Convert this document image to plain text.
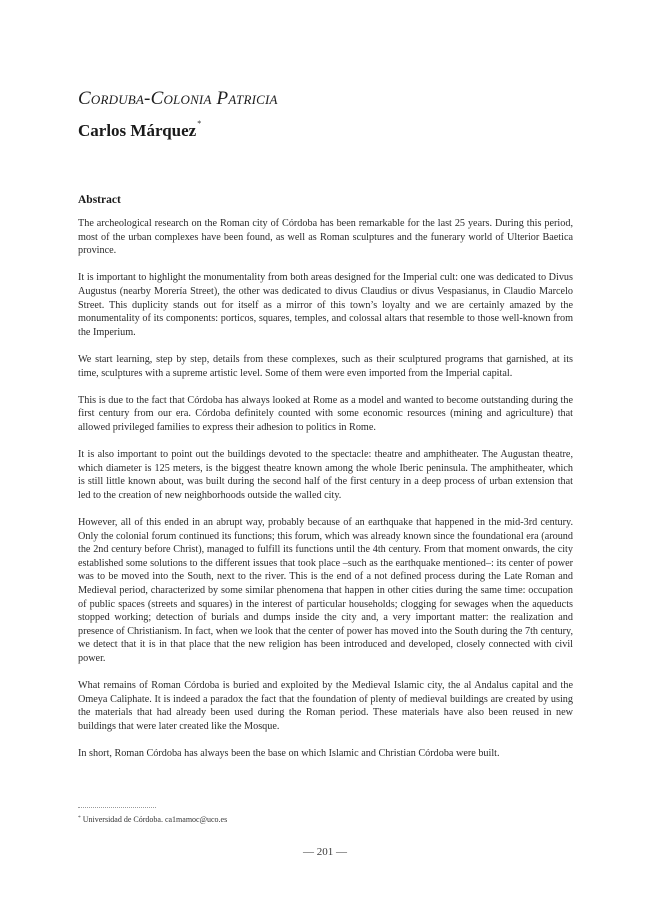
Corduba-Colonia Patricia
Carlos Márquez*
Abstract

The archeological research on the Roman city of Córdoba has been remarkable for the last 25 years. During this period, most of the urban complexes have been found, as well as Roman sculptures and the funerary world of Ulterior Baetica province.

It is important to highlight the monumentality from both areas designed for the Imperial cult: one was dedicated to Divus Augustus (nearby Morería Street), the other was dedicated to divus Claudius or divus Vespasianus, in Claudio Marcelo Street. This duplicity stands out for itself as a mirror of this town’s loyalty and we are certainly amazed by the monumentality of its components: porticos, squares, temples, and colossal altars that resemble to those well-known from the Imperium.

We start learning, step by step, details from these complexes, such as their sculptured programs that garnished, at its time, sculptures with a supreme artistic level. Some of them were even imported from the Imperial capital.

This is due to the fact that Córdoba has always looked at Rome as a model and wanted to become outstanding during the first century from our era. Córdoba definitely counted with some economic resources (mining and agriculture) that allowed privileged families to express their adhesion to politics in Rome.

It is also important to point out the buildings devoted to the spectacle: theatre and amphitheater. The Augustan theatre, which diameter is 125 meters, is the biggest theatre known among the whole Iberic peninsula. The amphitheater, which is still little known about, was built during the second half of the first century in a deep process of urban extension that led to the creation of new neighborhoods outside the walled city.

However, all of this ended in an abrupt way, probably because of an earthquake that happened in the mid-3rd century. Only the colonial forum continued its functions; this forum, which was already known since the foundational era (around the 2nd century before Christ), managed to fulfill its functions until the 4th century. From that moment onwards, the city established some solutions to the different issues that took place –such as the earthquake mentioned–: its center of power was to be moved into the South, next to the river. This is the end of a not defined process during the Late Roman and Medieval period, characterized by some similar phenomena that happen in other cities during the same time: occupation of public spaces (streets and squares) in the interest of particular households; clogging for sewages when the aqueducts stopped working; detection of burials and dumps inside the city and, a very important matter: the realization and presence of Christianism. In fact, when we look that the center of power has moved into the South during the 7th century, we detect that it is in that place that the new religion has been introduced and developed, closely connected with civil power.

What remains of Roman Córdoba is buried and exploited by the Medieval Islamic city, the al Andalus capital and the Omeya Caliphate. It is indeed a paradox the fact that the foundation of plenty of medieval buildings are created by using the materials that had already been used during the Roman period. These materials have also been reused in new buildings that were later created like the Mosque.

In short, Roman Córdoba has always been the base on which Islamic and Christian Córdoba were built.

* Universidad de Córdoba. ca1mamoc@uco.es
— 201 —
